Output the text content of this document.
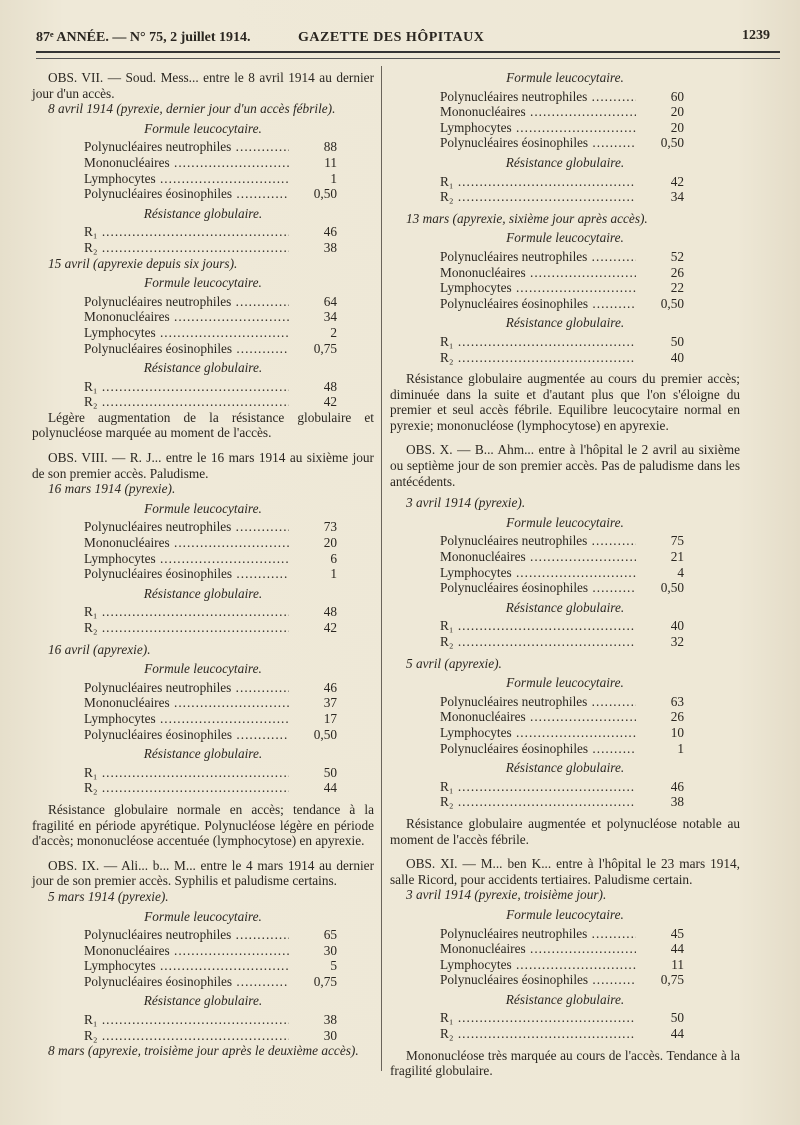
87ᵉ ANNÉE. — N° 75, 2 juillet 1914.	GAZETTE DES HÔPITAUX	1239

OBS. VII. — Soud. Mess... entre le 8 avril 1914 au dernier jour d'un accès.

8 avril 1914 (pyrexie, dernier jour d'un accès fébrile).

Formule leucocytaire.
Polynucléaires neutrophiles .....	88
Mononucléaires .....	11
Lymphocytes .....	1
Polynucléaires éosinophiles .....	0,50
Résistance globulaire.
R₁ .....	46
R₂ .....	38

15 avril (apyrexie depuis six jours).

Formule leucocytaire.
Polynucléaires neutrophiles .....	64
Mononucléaires .....	34
Lymphocytes .....	2
Polynucléaires éosinophiles .....	0,75
Résistance globulaire.
R₁ .....	48
R₂ .....	42

Légère augmentation de la résistance globulaire et polynucléose marquée au moment de l'accès.

OBS. VIII. — R. J... entre le 16 mars 1914 au sixième jour de son premier accès. Paludisme.

16 mars 1914 (pyrexie).

Formule leucocytaire.
Polynucléaires neutrophiles .....	73
Mononucléaires .....	20
Lymphocytes .....	6
Polynucléaires éosinophiles .....	1
Résistance globulaire.
R₁ .....	48
R₂ .....	42

16 avril (apyrexie).

Formule leucocytaire.
Polynucléaires neutrophiles .....	46
Mononucléaires .....	37
Lymphocytes .....	17
Polynucléaires éosinophiles .....	0,50
Résistance globulaire.
R₁ .....	50
R₂ .....	44

Résistance globulaire normale en accès; tendance à la fragilité en période apyrétique. Polynucléose légère en période d'accès; mononucléose accentuée (lymphocytose) en apyrexie.

OBS. IX. — Ali... b... M... entre le 4 mars 1914 au dernier jour de son premier accès. Syphilis et paludisme certains.

5 mars 1914 (pyrexie).

Formule leucocytaire.
Polynucléaires neutrophiles .....	65
Mononucléaires .....	30
Lymphocytes .....	5
Polynucléaires éosinophiles .....	0,75
Résistance globulaire.
R₁ .....	38
R₂ .....	30

8 mars (apyrexie, troisième jour après le deuxième accès).

Formule leucocytaire.
Polynucléaires neutrophiles .....	60
Mononucléaires .....	20
Lymphocytes .....	20
Polynucléaires éosinophiles .....	0,50
Résistance globulaire.
R₁ .....	42
R₂ .....	34

13 mars (apyrexie, sixième jour après accès).

Formule leucocytaire.
Polynucléaires neutrophiles .....	52
Mononucléaires .....	26
Lymphocytes .....	22
Polynucléaires éosinophiles .....	0,50
Résistance globulaire.
R₁ .....	50
R₂ .....	40

Résistance globulaire augmentée au cours du premier accès; diminuée dans la suite et d'autant plus que l'on s'éloigne du premier et seul accès fébrile. Equilibre leucocytaire normal en pyrexie; mononucléose (lymphocytose) en apyrexie.

OBS. X. — B... Ahm... entre à l'hôpital le 2 avril au sixième ou septième jour de son premier accès. Pas de paludisme dans les antécédents.

3 avril 1914 (pyrexie).

Formule leucocytaire.
Polynucléaires neutrophiles .....	75
Mononucléaires .....	21
Lymphocytes .....	4
Polynucléaires éosinophiles .....	0,50
Résistance globulaire.
R₁ .....	40
R₂ .....	32

5 avril (apyrexie).

Formule leucocytaire.
Polynucléaires neutrophiles .....	63
Mononucléaires .....	26
Lymphocytes .....	10
Polynucléaires éosinophiles .....	1
Résistance globulaire.
R₁ .....	46
R₂ .....	38

Résistance globulaire augmentée et polynucléose notable au moment de l'accès fébrile.

OBS. XI. — M... ben K... entre à l'hôpital le 23 mars 1914, salle Ricord, pour accidents tertiaires. Paludisme certain.

3 avril 1914 (pyrexie, troisième jour).

Formule leucocytaire.
Polynucléaires neutrophiles .....	45
Mononucléaires .....	44
Lymphocytes .....	11
Polynucléaires éosinophiles .....	0,75
Résistance globulaire.
R₁ .....	50
R₂ .....	44

Mononucléose très marquée au cours de l'accès. Tendance à la fragilité globulaire.
